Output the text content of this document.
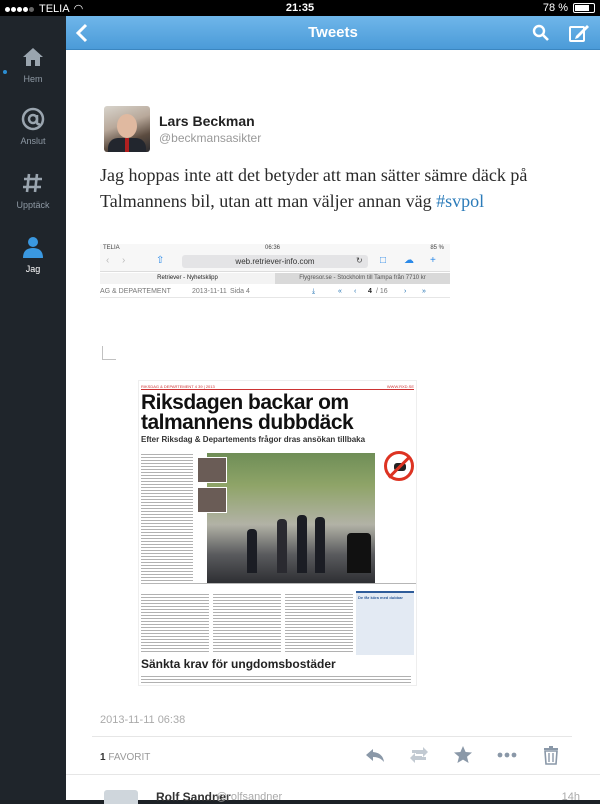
TELIA ◠	21:35	78 %
Hem
Anslut
Upptäck
Jag
Tweets
Lars Beckman
@beckmansasikter
Jag hoppas inte att det betyder att man sätter sämre däck på Talmannens bil, utan att man väljer annan väg #svpol
TELIA	06:36	85 %
‹	›	⇧	web.retriever-info.com	↻	□	☁ +
Retriever - Nyhetsklipp	Flygresor.se - Stockholm till Tampa från 7710 kr
AG & DEPARTEMENT	2013-11-11 Sida 4	⤓	« ‹ 4 / 16 › »
RIKSDAG & DEPARTEMENT 4 39 | 2013	WWW.RXD.SE
Riksdagen backar om talmannens dubbdäck
Efter Riksdag & Departements frågor dras ansökan tillbaka
De får köra med dubbar
Sänkta krav för ungdomsbostäder
2013-11-11 06:38
1 FAVORIT
Rolf Sandner
@rolfsandner	14h
